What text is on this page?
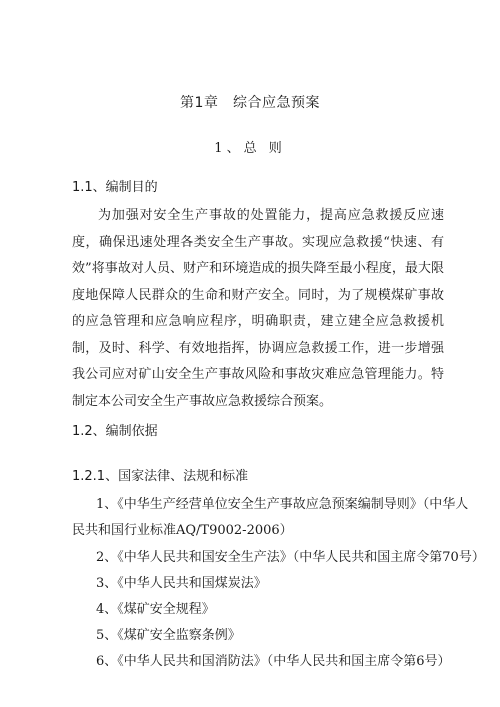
第1章　综合应急预案
1、总 则
1.1、编制目的

为加强对安全生产事故的处置能力，提高应急救援反应速度，确保迅速处理各类安全生产事故。实现应急救援“快速、有效”将事故对人员、财产和环境造成的损失降至最小程度，最大限度地保障人民群众的生命和财产安全。同时，为了规模煤矿事故的应急管理和应急响应程序，明确职责，建立建全应急救援机制，及时、科学、有效地指挥，协调应急救援工作，进一步增强我公司应对矿山安全生产事故风险和事故灾难应急管理能力。特制定本公司安全生产事故应急救援综合预案。

1.2、编制依据
1.2.1、国家法律、法规和标准
1、《中华生产经营单位安全生产事故应急预案编制导则》（中华人
民共和国行业标准AQ/T9002-2006）
2、《中华人民共和国安全生产法》（中华人民共和国主席令第70号）
3、《中华人民共和国煤炭法》
4、《煤矿安全规程》
5、《煤矿安全监察条例》
6、《中华人民共和国消防法》（中华人民共和国主席令第6号）
